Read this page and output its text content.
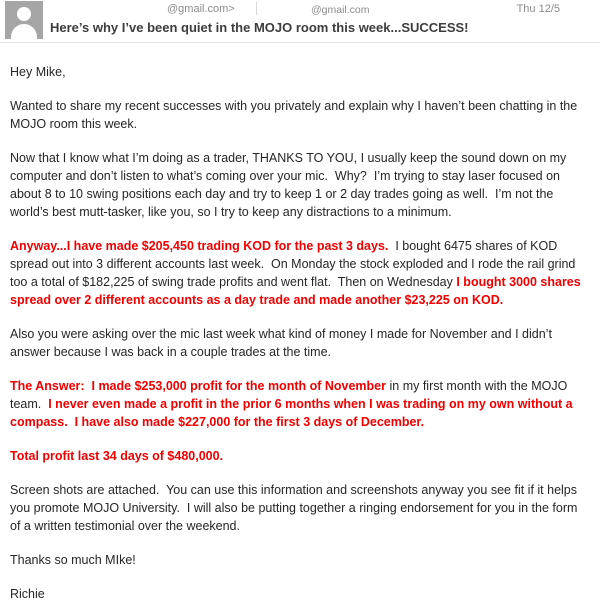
@gmail.com>	@gmail.com	Thu 12/5
Here’s why I’ve been quiet in the MOJO room this week...SUCCESS!

Hey Mike,

Wanted to share my recent successes with you privately and explain why I haven’t been chatting in the MOJO room this week.

Now that I know what I’m doing as a trader, THANKS TO YOU, I usually keep the sound down on my computer and don’t listen to what’s coming over your mic.  Why?  I’m trying to stay laser focused on about 8 to 10 swing positions each day and try to keep 1 or 2 day trades going as well.  I’m not the world’s best mutt-tasker, like you, so I try to keep any distractions to a minimum.

Anyway...I have made $205,450 trading KOD for the past 3 days.  I bought 6475 shares of KOD spread out into 3 different accounts last week.  On Monday the stock exploded and I rode the rail grind too a total of $182,225 of swing trade profits and went flat.  Then on Wednesday I bought 3000 shares spread over 2 different accounts as a day trade and made another $23,225 on KOD.

Also you were asking over the mic last week what kind of money I made for November and I didn’t answer because I was back in a couple trades at the time.

The Answer:  I made $253,000 profit for the month of November in my first month with the MOJO team.  I never even made a profit in the prior 6 months when I was trading on my own without a compass.  I have also made $227,000 for the first 3 days of December.

Total profit last 34 days of $480,000.

Screen shots are attached.  You can use this information and screenshots anyway you see fit if it helps you promote MOJO University.  I will also be putting together a ringing endorsement for you in the form of a written testimonial over the weekend.

Thanks so much MIke!

Richie
